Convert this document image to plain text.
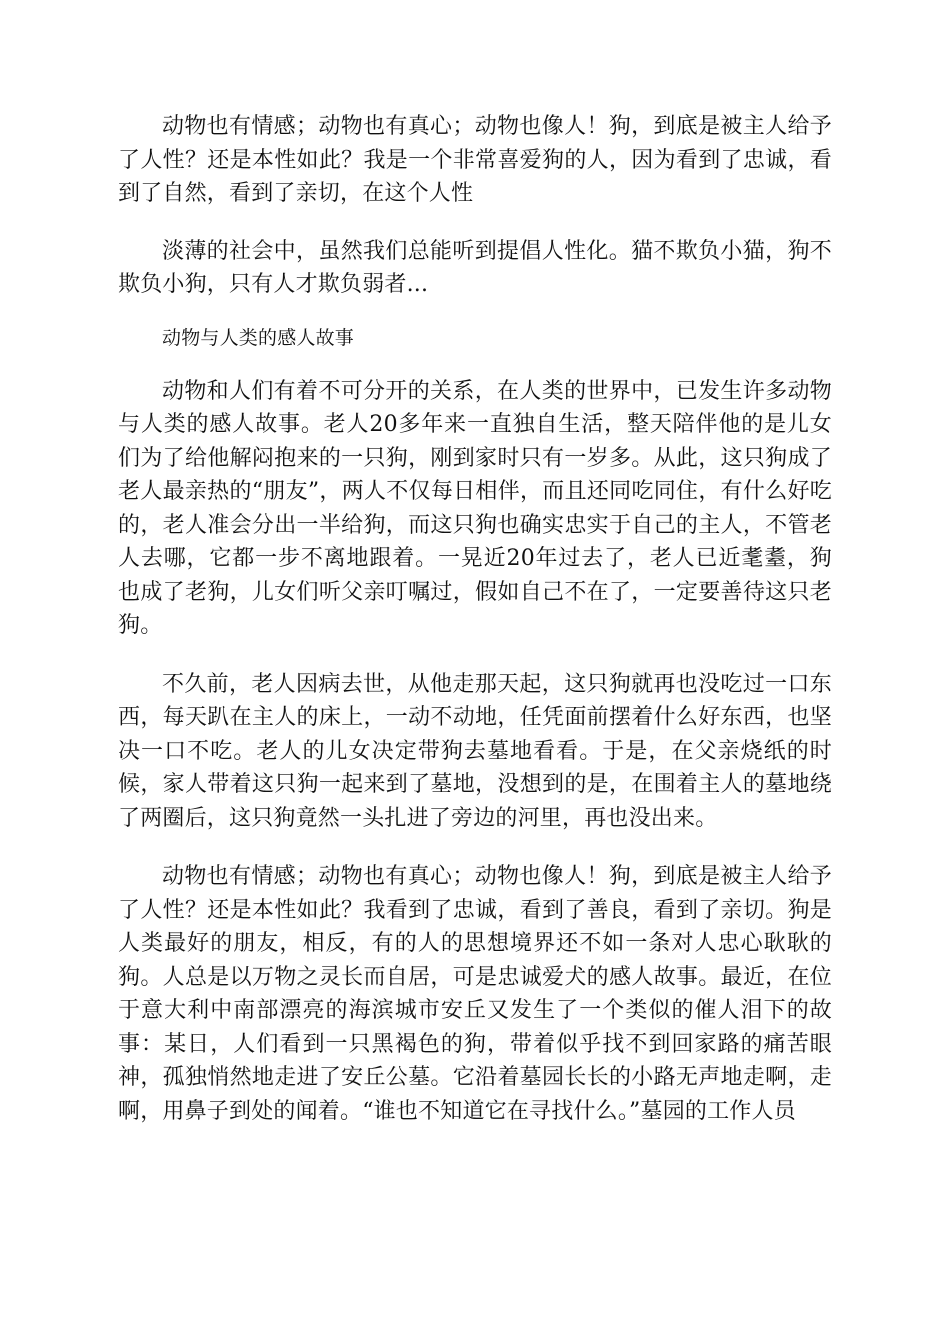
动物也有情感；动物也有真心；动物也像人！狗，到底是被主人给予了人性？还是本性如此？我是一个非常喜爱狗的人，因为看到了忠诚，看到了自然，看到了亲切，在这个人性

淡薄的社会中，虽然我们总能听到提倡人性化。猫不欺负小猫，狗不欺负小狗，只有人才欺负弱者...

动物与人类的感人故事

动物和人们有着不可分开的关系，在人类的世界中，已发生许多动物与人类的感人故事。老人20多年来一直独自生活，整天陪伴他的是儿女们为了给他解闷抱来的一只狗，刚到家时只有一岁多。从此，这只狗成了老人最亲热的“朋友”，两人不仅每日相伴，而且还同吃同住，有什么好吃的，老人准会分出一半给狗，而这只狗也确实忠实于自己的主人，不管老人去哪，它都一步不离地跟着。一晃近20年过去了，老人已近耄耋，狗也成了老狗，儿女们听父亲叮嘱过，假如自己不在了，一定要善待这只老狗。

不久前，老人因病去世，从他走那天起，这只狗就再也没吃过一口东西，每天趴在主人的床上，一动不动地，任凭面前摆着什么好东西，也坚决一口不吃。老人的儿女决定带狗去墓地看看。于是，在父亲烧纸的时候，家人带着这只狗一起来到了墓地，没想到的是，在围着主人的墓地绕了两圈后，这只狗竟然一头扎进了旁边的河里，再也没出来。

动物也有情感；动物也有真心；动物也像人！狗，到底是被主人给予了人性？还是本性如此？我看到了忠诚，看到了善良，看到了亲切。狗是人类最好的朋友，相反，有的人的思想境界还不如一条对人忠心耿耿的狗。人总是以万物之灵长而自居，可是忠诚爱犬的感人故事。最近，在位于意大利中南部漂亮的海滨城市安丘又发生了一个类似的催人泪下的故事：某日，人们看到一只黑褐色的狗，带着似乎找不到回家路的痛苦眼神，孤独悄然地走进了安丘公墓。它沿着墓园长长的小路无声地走啊，走啊，用鼻子到处的闻着。“谁也不知道它在寻找什么。”墓园的工作人员
